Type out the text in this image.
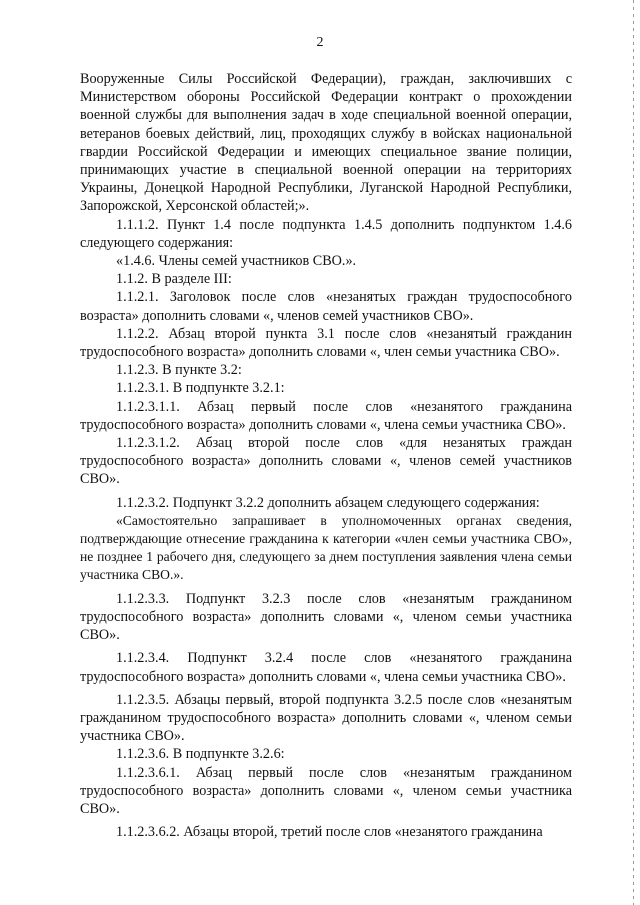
2

Вооруженные Силы Российской Федерации), граждан, заключивших с Министерством обороны Российской Федерации контракт о прохождении военной службы для выполнения задач в ходе специальной военной операции, ветеранов боевых действий, лиц, проходящих службу в войсках национальной гвардии Российской Федерации и имеющих специальное звание полиции, принимающих участие в специальной военной операции на территориях Украины, Донецкой Народной Республики, Луганской Народной Республики, Запорожской, Херсонской областей;».

1.1.1.2. Пункт 1.4 после подпункта 1.4.5 дополнить подпунктом 1.4.6 следующего содержания:

«1.4.6. Члены семей участников СВО.».

1.1.2. В разделе III:

1.1.2.1. Заголовок после слов «незанятых граждан трудоспособного возраста» дополнить словами «, членов семей участников СВО».

1.1.2.2. Абзац второй пункта 3.1 после слов «незанятый гражданин трудоспособного возраста» дополнить словами «, член семьи участника СВО».

1.1.2.3. В пункте 3.2:

1.1.2.3.1. В подпункте 3.2.1:

1.1.2.3.1.1. Абзац первый после слов «незанятого гражданина трудоспособного возраста» дополнить словами «, члена семьи участника СВО».

1.1.2.3.1.2. Абзац второй после слов «для незанятых граждан трудоспособного возраста» дополнить словами «, членов семей участников СВО».

1.1.2.3.2. Подпункт 3.2.2 дополнить абзацем следующего содержания:

«Самостоятельно запрашивает в уполномоченных органах сведения, подтверждающие отнесение гражданина к категории «член семьи участника СВО», не позднее 1 рабочего дня, следующего за днем поступления заявления члена семьи участника СВО.».

1.1.2.3.3. Подпункт 3.2.3 после слов «незанятым гражданином трудоспособного возраста» дополнить словами «, членом семьи участника СВО».

1.1.2.3.4. Подпункт 3.2.4 после слов «незанятого гражданина трудоспособного возраста» дополнить словами «, члена семьи участника СВО».

1.1.2.3.5. Абзацы первый, второй подпункта 3.2.5 после слов «незанятым гражданином трудоспособного возраста» дополнить словами «, членом семьи участника СВО».

1.1.2.3.6. В подпункте 3.2.6:

1.1.2.3.6.1. Абзац первый после слов «незанятым гражданином трудоспособного возраста» дополнить словами «, членом семьи участника СВО».

1.1.2.3.6.2. Абзацы второй, третий после слов «незанятого гражданина
